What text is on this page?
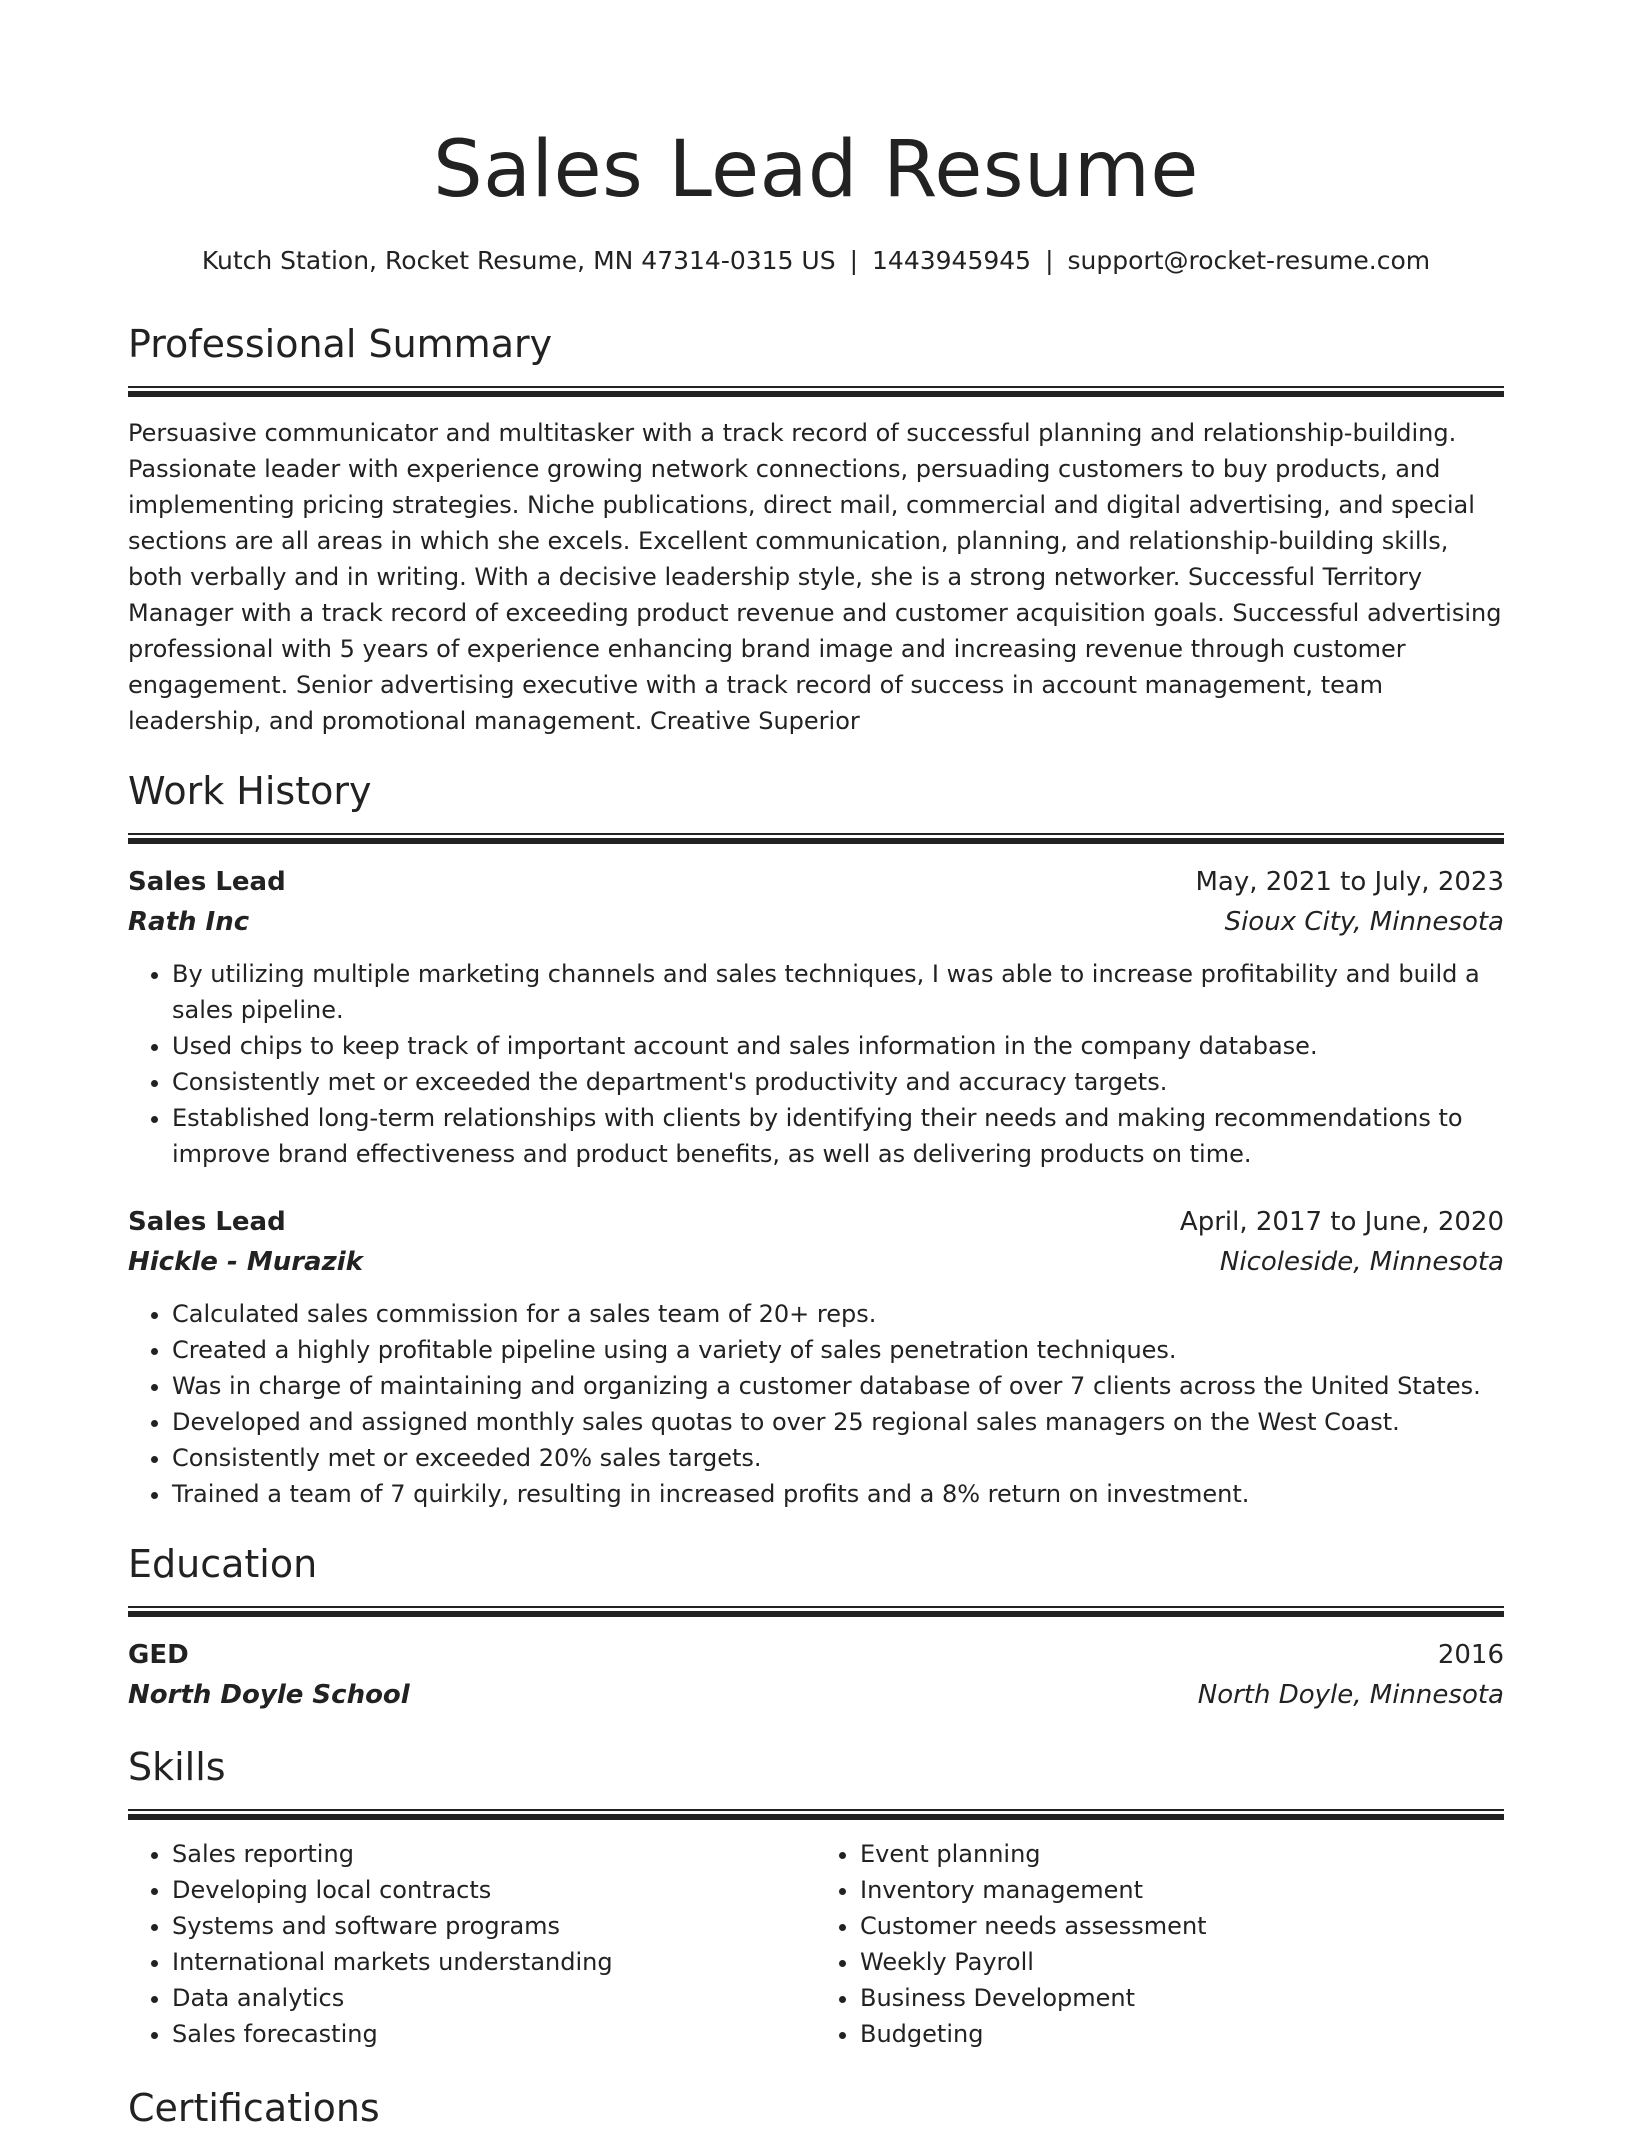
Sales Lead Resume
Kutch Station, Rocket Resume, MN 47314-0315 US | 1443945945 | support@rocket-resume.com
Professional Summary

Persuasive communicator and multitasker with a track record of successful planning and relationship-building. Passionate leader with experience growing network connections, persuading customers to buy products, and implementing pricing strategies. Niche publications, direct mail, commercial and digital advertising, and special sections are all areas in which she excels. Excellent communication, planning, and relationship-building skills, both verbally and in writing. With a decisive leadership style, she is a strong networker. Successful Territory Manager with a track record of exceeding product revenue and customer acquisition goals. Successful advertising professional with 5 years of experience enhancing brand image and increasing revenue through customer engagement. Senior advertising executive with a track record of success in account management, team leadership, and promotional management. Creative Superior

Work History
Sales Lead	May, 2021 to July, 2023
Rath Inc	Sioux City, Minnesota
• By utilizing multiple marketing channels and sales techniques, I was able to increase profitability and build a sales pipeline.
• Used chips to keep track of important account and sales information in the company database.
• Consistently met or exceeded the department's productivity and accuracy targets.
• Established long-term relationships with clients by identifying their needs and making recommendations to improve brand effectiveness and product benefits, as well as delivering products on time.
Sales Lead	April, 2017 to June, 2020
Hickle - Murazik	Nicoleside, Minnesota
• Calculated sales commission for a sales team of 20+ reps.
• Created a highly profitable pipeline using a variety of sales penetration techniques.
• Was in charge of maintaining and organizing a customer database of over 7 clients across the United States.
• Developed and assigned monthly sales quotas to over 25 regional sales managers on the West Coast.
• Consistently met or exceeded 20% sales targets.
• Trained a team of 7 quirkily, resulting in increased profits and a 8% return on investment.
Education
GED	2016
North Doyle School	North Doyle, Minnesota
Skills
• Sales reporting
• Developing local contracts
• Systems and software programs
• International markets understanding
• Data analytics
• Sales forecasting
• Event planning
• Inventory management
• Customer needs assessment
• Weekly Payroll
• Business Development
• Budgeting
Certifications
